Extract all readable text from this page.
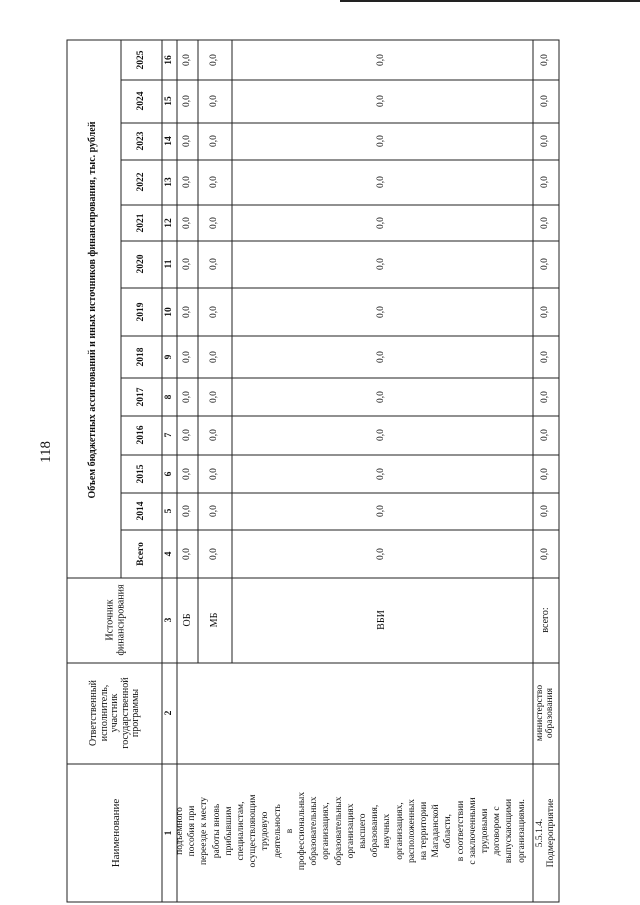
118
Наименование
Ответственный исполнитель, участник государственной программы
Источник финансирования
Объем бюджетных ассигнований и иных источников финансирования, тыс. рублей
Всего
2014
2015
2016
2017
2018
2019
2020
2021
2022
2023
2024
2025
1
2
3
4
5
6
7
8
9
10
11
12
13
14
15
16
подъемного пособия при переезде к месту работы вновь прибывшим специалистам, осуществляющим трудовую деятельность в профессиональных образовательных организациях, образовательных организациях высшего образования, научных организациях, расположенных на территории Магаданской области, в соответствии с заключенными трудовыми договором с выпускающими организациями.
ОБ
0,0
0,0
0,0
0,0
0,0
0,0
0,0
0,0
0,0
0,0
0,0
0,0
0,0
МБ
0,0
0,0
0,0
0,0
0,0
0,0
0,0
0,0
0,0
0,0
0,0
0,0
0,0
ВБИ
0,0
0,0
0,0
0,0
0,0
0,0
0,0
0,0
0,0
0,0
0,0
0,0
0,0
всего:
0,0
0,0
0,0
0,0
0,0
0,0
0,0
0,0
0,0
0,0
0,0
0,0
0,0
5.5.1.4. Подмероприятие
министерство образования
